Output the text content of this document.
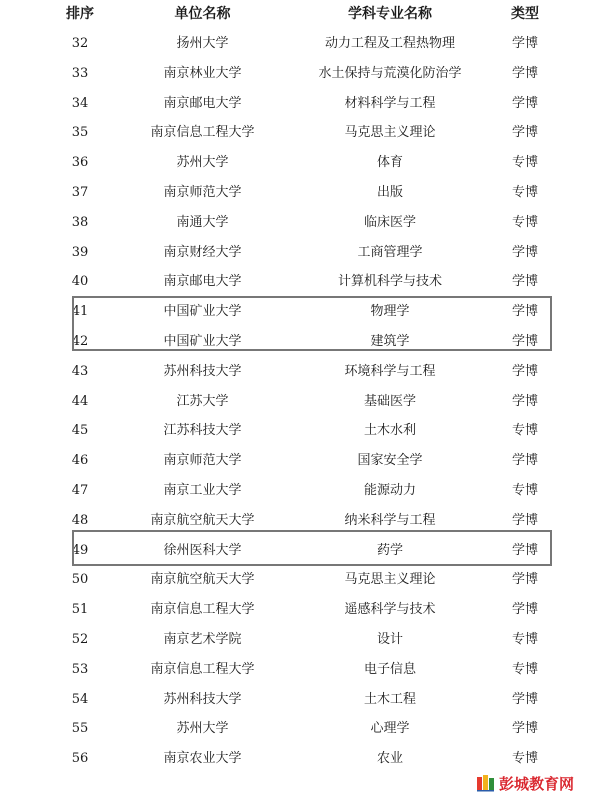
排序	单位名称	学科专业名称	类型
32	扬州大学	动力工程及工程热物理	学博
33	南京林业大学	水土保持与荒漠化防治学	学博
34	南京邮电大学	材料科学与工程	学博
35	南京信息工程大学	马克思主义理论	学博
36	苏州大学	体育	专博
37	南京师范大学	出版	专博
38	南通大学	临床医学	专博
39	南京财经大学	工商管理学	学博
40	南京邮电大学	计算机科学与技术	学博
41	中国矿业大学	物理学	学博
42	中国矿业大学	建筑学	学博
43	苏州科技大学	环境科学与工程	学博
44	江苏大学	基础医学	学博
45	江苏科技大学	土木水利	专博
46	南京师范大学	国家安全学	学博
47	南京工业大学	能源动力	专博
48	南京航空航天大学	纳米科学与工程	学博
49	徐州医科大学	药学	学博
50	南京航空航天大学	马克思主义理论	学博
51	南京信息工程大学	遥感科学与技术	学博
52	南京艺术学院	设计	专博
53	南京信息工程大学	电子信息	专博
54	苏州科技大学	土木工程	学博
55	苏州大学	心理学	学博
56	南京农业大学	农业	专博
彭城教育网
